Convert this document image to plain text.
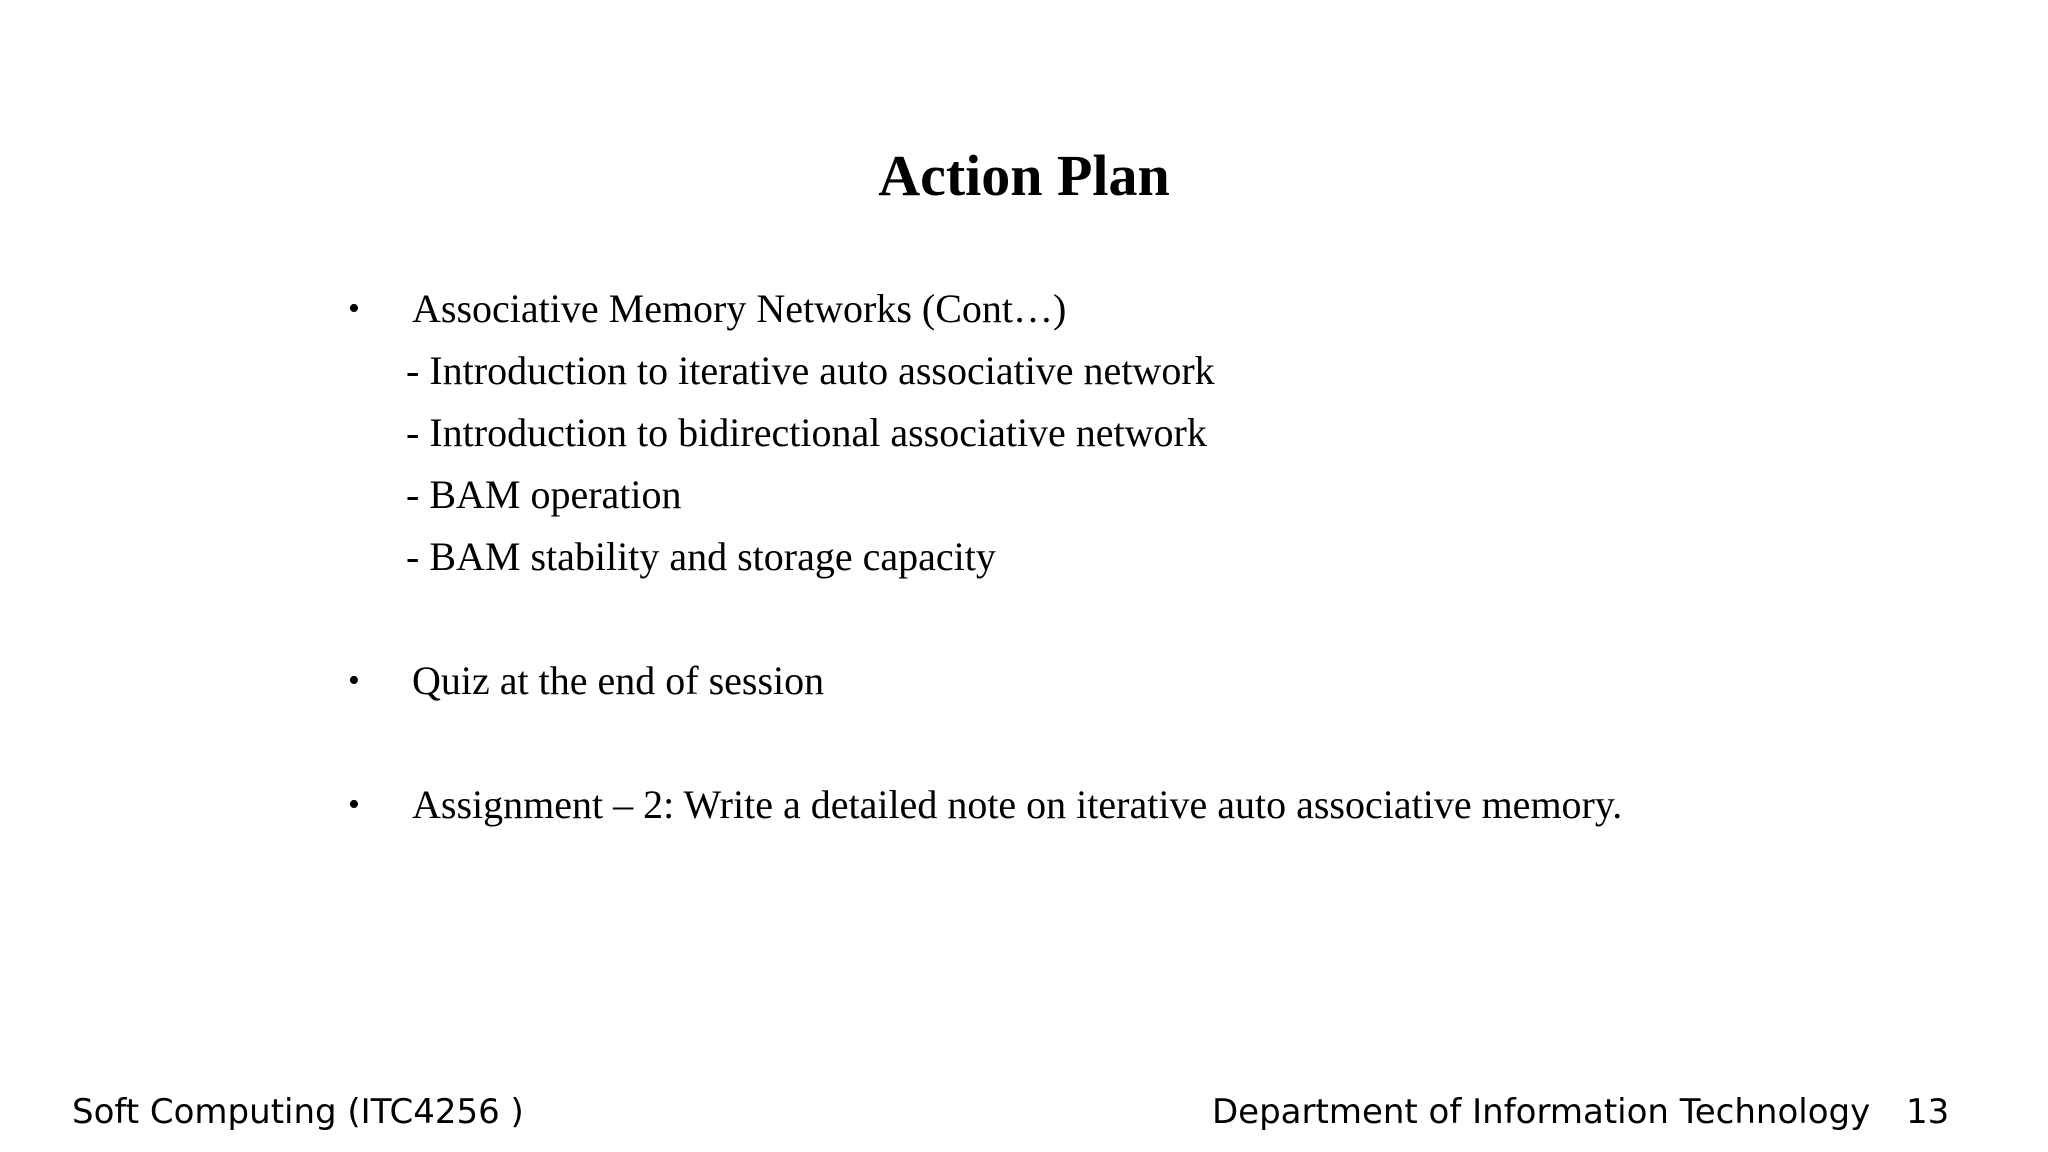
Action Plan
• Associative Memory Networks (Cont…)
- Introduction to iterative auto associative network
- Introduction to bidirectional associative network
- BAM operation
- BAM stability and storage capacity
• Quiz at the end of session
• Assignment – 2: Write a detailed note on iterative auto associative memory.
Soft Computing (ITC4256 )	Department of Information Technology 13
